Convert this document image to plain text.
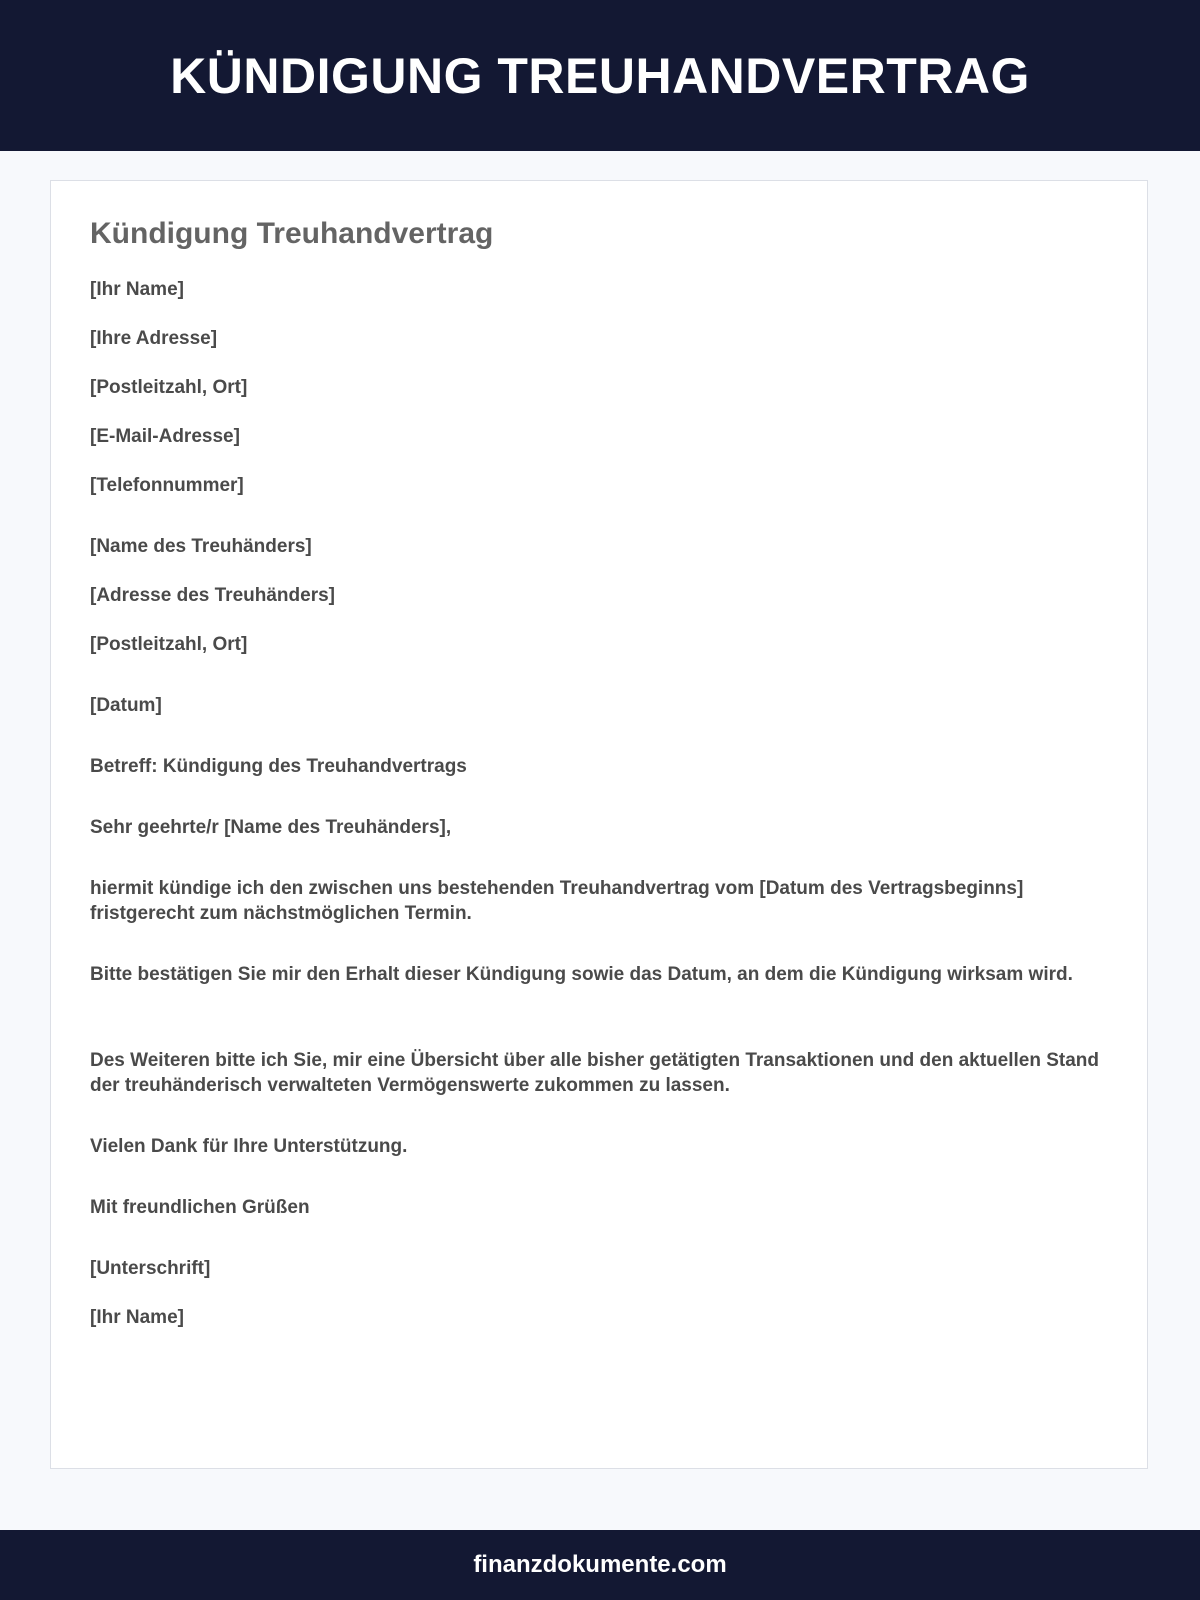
KÜNDIGUNG TREUHANDVERTRAG
Kündigung Treuhandvertrag

[Ihr Name]

[Ihre Adresse]

[Postleitzahl, Ort]

[E-Mail-Adresse]

[Telefonnummer]

[Name des Treuhänders]

[Adresse des Treuhänders]

[Postleitzahl, Ort]

[Datum]

Betreff: Kündigung des Treuhandvertrags

Sehr geehrte/r [Name des Treuhänders],

hiermit kündige ich den zwischen uns bestehenden Treuhandvertrag vom [Datum des Vertragsbeginns] fristgerecht zum nächstmöglichen Termin.

Bitte bestätigen Sie mir den Erhalt dieser Kündigung sowie das Datum, an dem die Kündigung wirksam wird.

Des Weiteren bitte ich Sie, mir eine Übersicht über alle bisher getätigten Transaktionen und den aktuellen Stand der treuhänderisch verwalteten Vermögenswerte zukommen zu lassen.

Vielen Dank für Ihre Unterstützung.

Mit freundlichen Grüßen

[Unterschrift]

[Ihr Name]

finanzdokumente.com
